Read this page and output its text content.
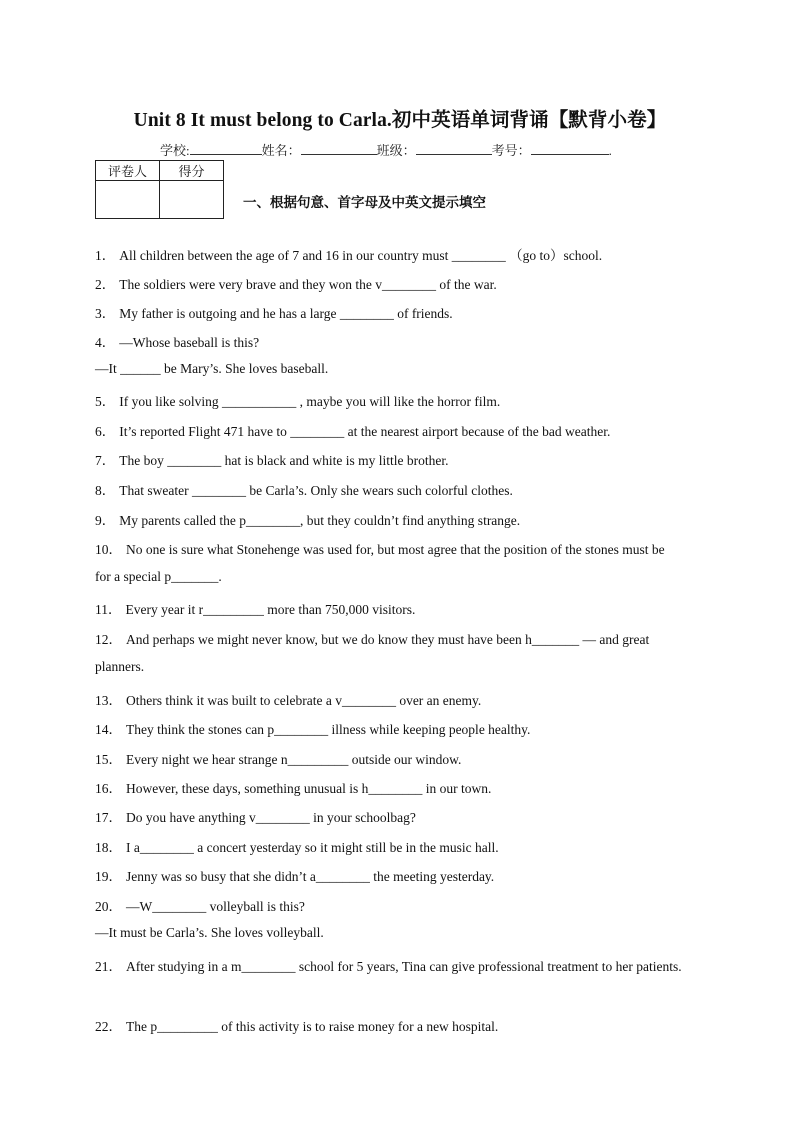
Unit 8 It must belong to Carla.初中英语单词背诵【默背小卷】
学校:	姓名：	班级：	考号：	.
评卷人	得分

一、根据句意、首字母及中英文提示填空
1． All children between the age of 7 and 16 in our country must ________ （go to）school.
2． The soldiers were very brave and they won the v________ of the war.
3． My father is outgoing and he has a large ________ of friends.
4． —Whose baseball is this?
—It ______ be Mary’s. She loves baseball.
5． If you like solving ___________ , maybe you will like the horror film.
6． It’s reported Flight 471 have to ________ at the nearest airport because of the bad weather.
7． The boy ________ hat is black and white is my little brother.
8． That sweater ________ be Carla’s. Only she wears such colorful clothes.
9． My parents called the p________, but they couldn’t find anything strange.
10． No one is sure what Stonehenge was used for, but most agree that the position of the stones must be
for a special p_______.
11． Every year it r_________ more than 750,000 visitors.
12． And perhaps we might never know, but we do know they must have been h_______ — and great
planners.
13． Others think it was built to celebrate a v________ over an enemy.
14． They think the stones can p________ illness while keeping people healthy.
15． Every night we hear strange n_________ outside our window.
16． However, these days, something unusual is h________ in our town.
17． Do you have anything v________ in your schoolbag?
18． I a________ a concert yesterday so it might still be in the music hall.
19． Jenny was so busy that she didn’t a________ the meeting yesterday.
20． —W________ volleyball is this?
—It must be Carla’s. She loves volleyball.
21． After studying in a m________ school for 5 years, Tina can give professional treatment to her patients.
22． The p_________ of this activity is to raise money for a new hospital.
